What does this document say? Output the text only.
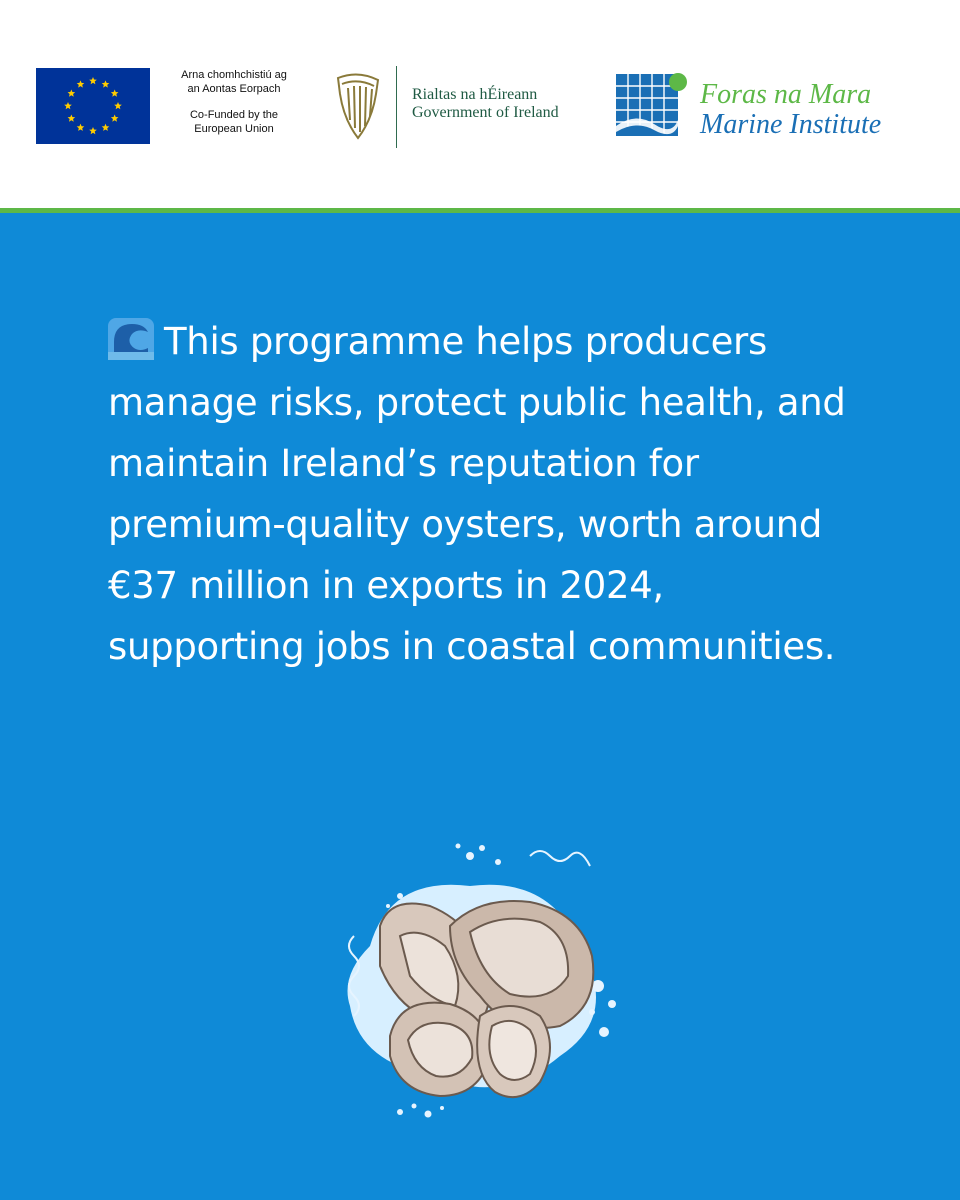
Arna chomhchistiú ag
an Aontas Eorpach
Co-Funded by the
European Union
Rialtas na hÉireann
Government of Ireland
Foras na Mara
Marine Institute
This programme helps producers manage risks, protect public health, and maintain Ireland’s reputation for premium-quality oysters, worth around €37 million in exports in 2024, supporting jobs in coastal communities.
